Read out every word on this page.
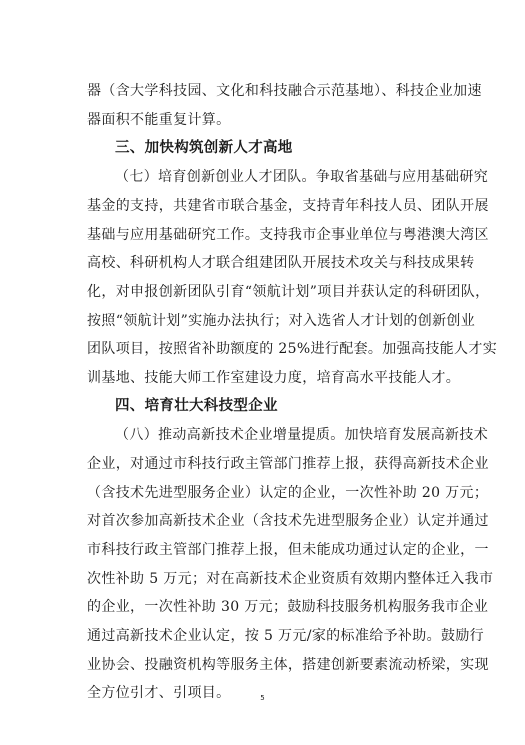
器（含大学科技园、文化和科技融合示范基地）、科技企业加速
器面积不能重复计算。
三、加快构筑创新人才高地
（七）培育创新创业人才团队。争取省基础与应用基础研究
基金的支持，共建省市联合基金，支持青年科技人员、团队开展
基础与应用基础研究工作。支持我市企事业单位与粤港澳大湾区
高校、科研机构人才联合组建团队开展技术攻关与科技成果转
化，对申报创新团队引育“领航计划”项目并获认定的科研团队，
按照“领航计划”实施办法执行；对入选省人才计划的创新创业
团队项目，按照省补助额度的 25%进行配套。加强高技能人才实
训基地、技能大师工作室建设力度，培育高水平技能人才。
四、培育壮大科技型企业
（八）推动高新技术企业增量提质。加快培育发展高新技术
企业，对通过市科技行政主管部门推荐上报，获得高新技术企业
（含技术先进型服务企业）认定的企业，一次性补助 20 万元；
对首次参加高新技术企业（含技术先进型服务企业）认定并通过
市科技行政主管部门推荐上报，但未能成功通过认定的企业，一
次性补助 5 万元；对在高新技术企业资质有效期内整体迁入我市
的企业，一次性补助 30 万元；鼓励科技服务机构服务我市企业
通过高新技术企业认定，按 5 万元/家的标准给予补助。鼓励行
业协会、投融资机构等服务主体，搭建创新要素流动桥梁，实现
全方位引才、引项目。	5
